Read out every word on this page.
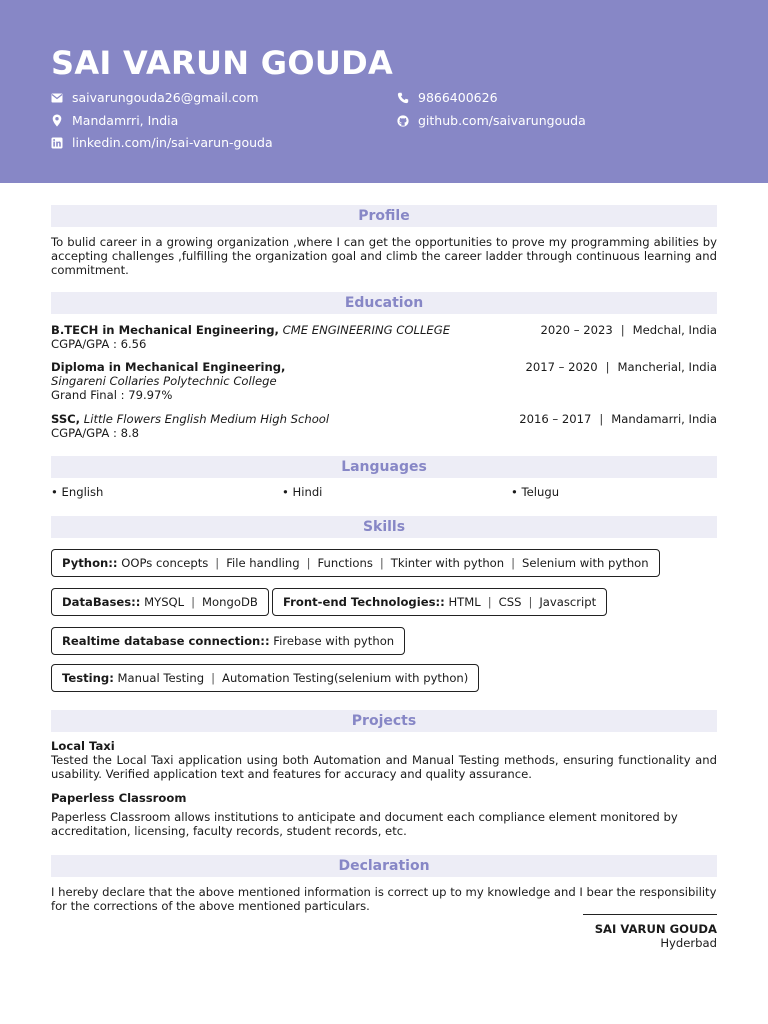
SAI VARUN GOUDA
saivarungouda26@gmail.com	9866400626
Mandamrri, India	github.com/saivarungouda
linkedin.com/in/sai-varun-gouda
Profile
To bulid career in a growing organization ,where I can get the opportunities to prove my programming abilities by accepting challenges ,fulfilling the organization goal and climb the career ladder through continuous learning and commitment.
Education
B.TECH in Mechanical Engineering, CME ENGINEERING COLLEGE	2020 – 2023 | Medchal, India
CGPA/GPA : 6.56
Diploma in Mechanical Engineering,	2017 – 2020 | Mancherial, India
Singareni Collaries Polytechnic College
Grand Final : 79.97%
SSC, Little Flowers English Medium High School	2016 – 2017 | Mandamarri, India
CGPA/GPA : 8.8
Languages
• English	• Hindi	• Telugu
Skills
Python::
OOPs concepts | File handling | Functions | Tkinter with python | Selenium with python
DataBases::
MYSQL | MongoDB Front-end Technologies::
HTML | CSS | Javascript
Realtime database connection::
Firebase with python
Testing:
Manual Testing | Automation Testing(selenium with python)
Projects
Local Taxi
Tested the Local Taxi application using both Automation and Manual Testing methods, ensuring functionality and usability. Verified application text and features for accuracy and quality assurance.
Paperless Classroom
Paperless Classroom allows institutions to anticipate and document each compliance element monitored by accreditation, licensing, faculty records, student records, etc.
Declaration
I hereby declare that the above mentioned information is correct up to my knowledge and I bear the responsibility for the corrections of the above mentioned particulars.
SAI VARUN GOUDA
Hyderbad
